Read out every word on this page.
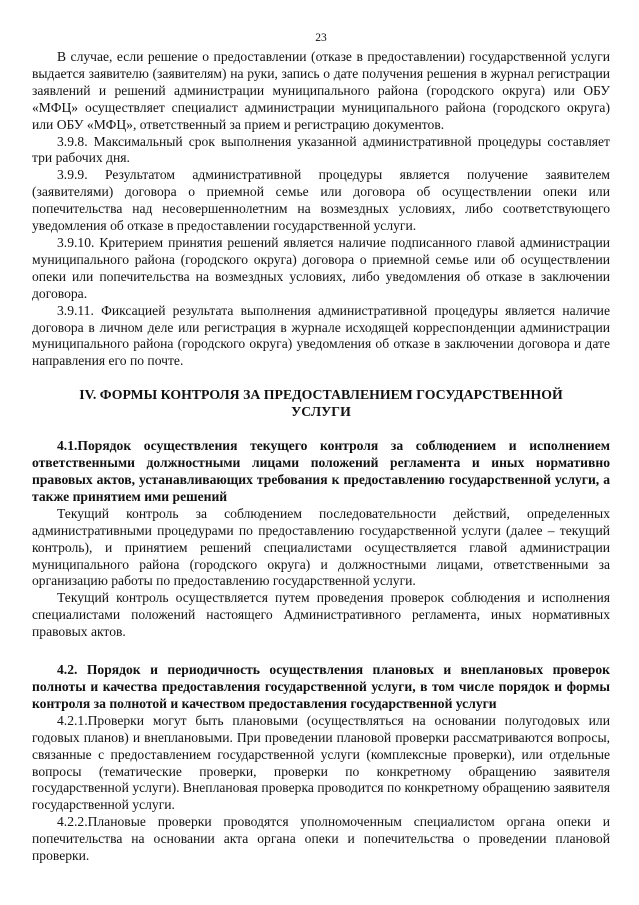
23

В случае, если решение о предоставлении (отказе в предоставлении) государственной услуги выдается заявителю (заявителям) на руки, запись о дате получения решения в журнал регистрации заявлений и решений администрации муниципального района (городского округа) или ОБУ «МФЦ» осуществляет специалист администрации муниципального района (городского округа) или ОБУ «МФЦ», ответственный за прием и регистрацию документов.

3.9.8. Максимальный срок выполнения указанной административной процедуры составляет три рабочих дня.

3.9.9. Результатом административной процедуры является получение заявителем (заявителями) договора о приемной семье или договора об осуществлении опеки или попечительства над несовершеннолетним на возмездных условиях, либо соответствующего уведомления об отказе в предоставлении государственной услуги.

3.9.10. Критерием принятия решений является наличие подписанного главой администрации муниципального района (городского округа) договора о приемной семье или об осуществлении опеки или попечительства на возмездных условиях, либо уведомления об отказе в заключении договора.

3.9.11. Фиксацией результата выполнения административной процедуры является наличие договора в личном деле или регистрация в журнале исходящей корреспонденции администрации муниципального района (городского округа) уведомления об отказе в заключении договора и дате направления его по почте.

IV. ФОРМЫ КОНТРОЛЯ ЗА ПРЕДОСТАВЛЕНИЕМ ГОСУДАРСТВЕННОЙ УСЛУГИ
4.1.Порядок осуществления текущего контроля за соблюдением и исполнением ответственными должностными лицами положений регламента и иных нормативно правовых актов, устанавливающих требования к предоставлению государственной услуги, а также принятием ими решений

Текущий контроль за соблюдением последовательности действий, определенных административными процедурами по предоставлению государственной услуги (далее – текущий контроль), и принятием решений специалистами осуществляется главой администрации муниципального района (городского округа) и должностными лицами, ответственными за организацию работы по предоставлению государственной услуги.

Текущий контроль осуществляется путем проведения проверок соблюдения и исполнения специалистами положений настоящего Административного регламента, иных нормативных правовых актов.

4.2. Порядок и периодичность осуществления плановых и внеплановых проверок полноты и качества предоставления государственной услуги, в том числе порядок и формы контроля за полнотой и качеством предоставления государственной услуги

4.2.1.Проверки могут быть плановыми (осуществляться на основании полугодовых или годовых планов) и внеплановыми. При проведении плановой проверки рассматриваются вопросы, связанные с предоставлением государственной услуги (комплексные проверки), или отдельные вопросы (тематические проверки, проверки по конкретному обращению заявителя государственной услуги). Внеплановая проверка проводится по конкретному обращению заявителя государственной услуги.

4.2.2.Плановые проверки проводятся уполномоченным специалистом органа опеки и попечительства на основании акта органа опеки и попечительства о проведении плановой проверки.
